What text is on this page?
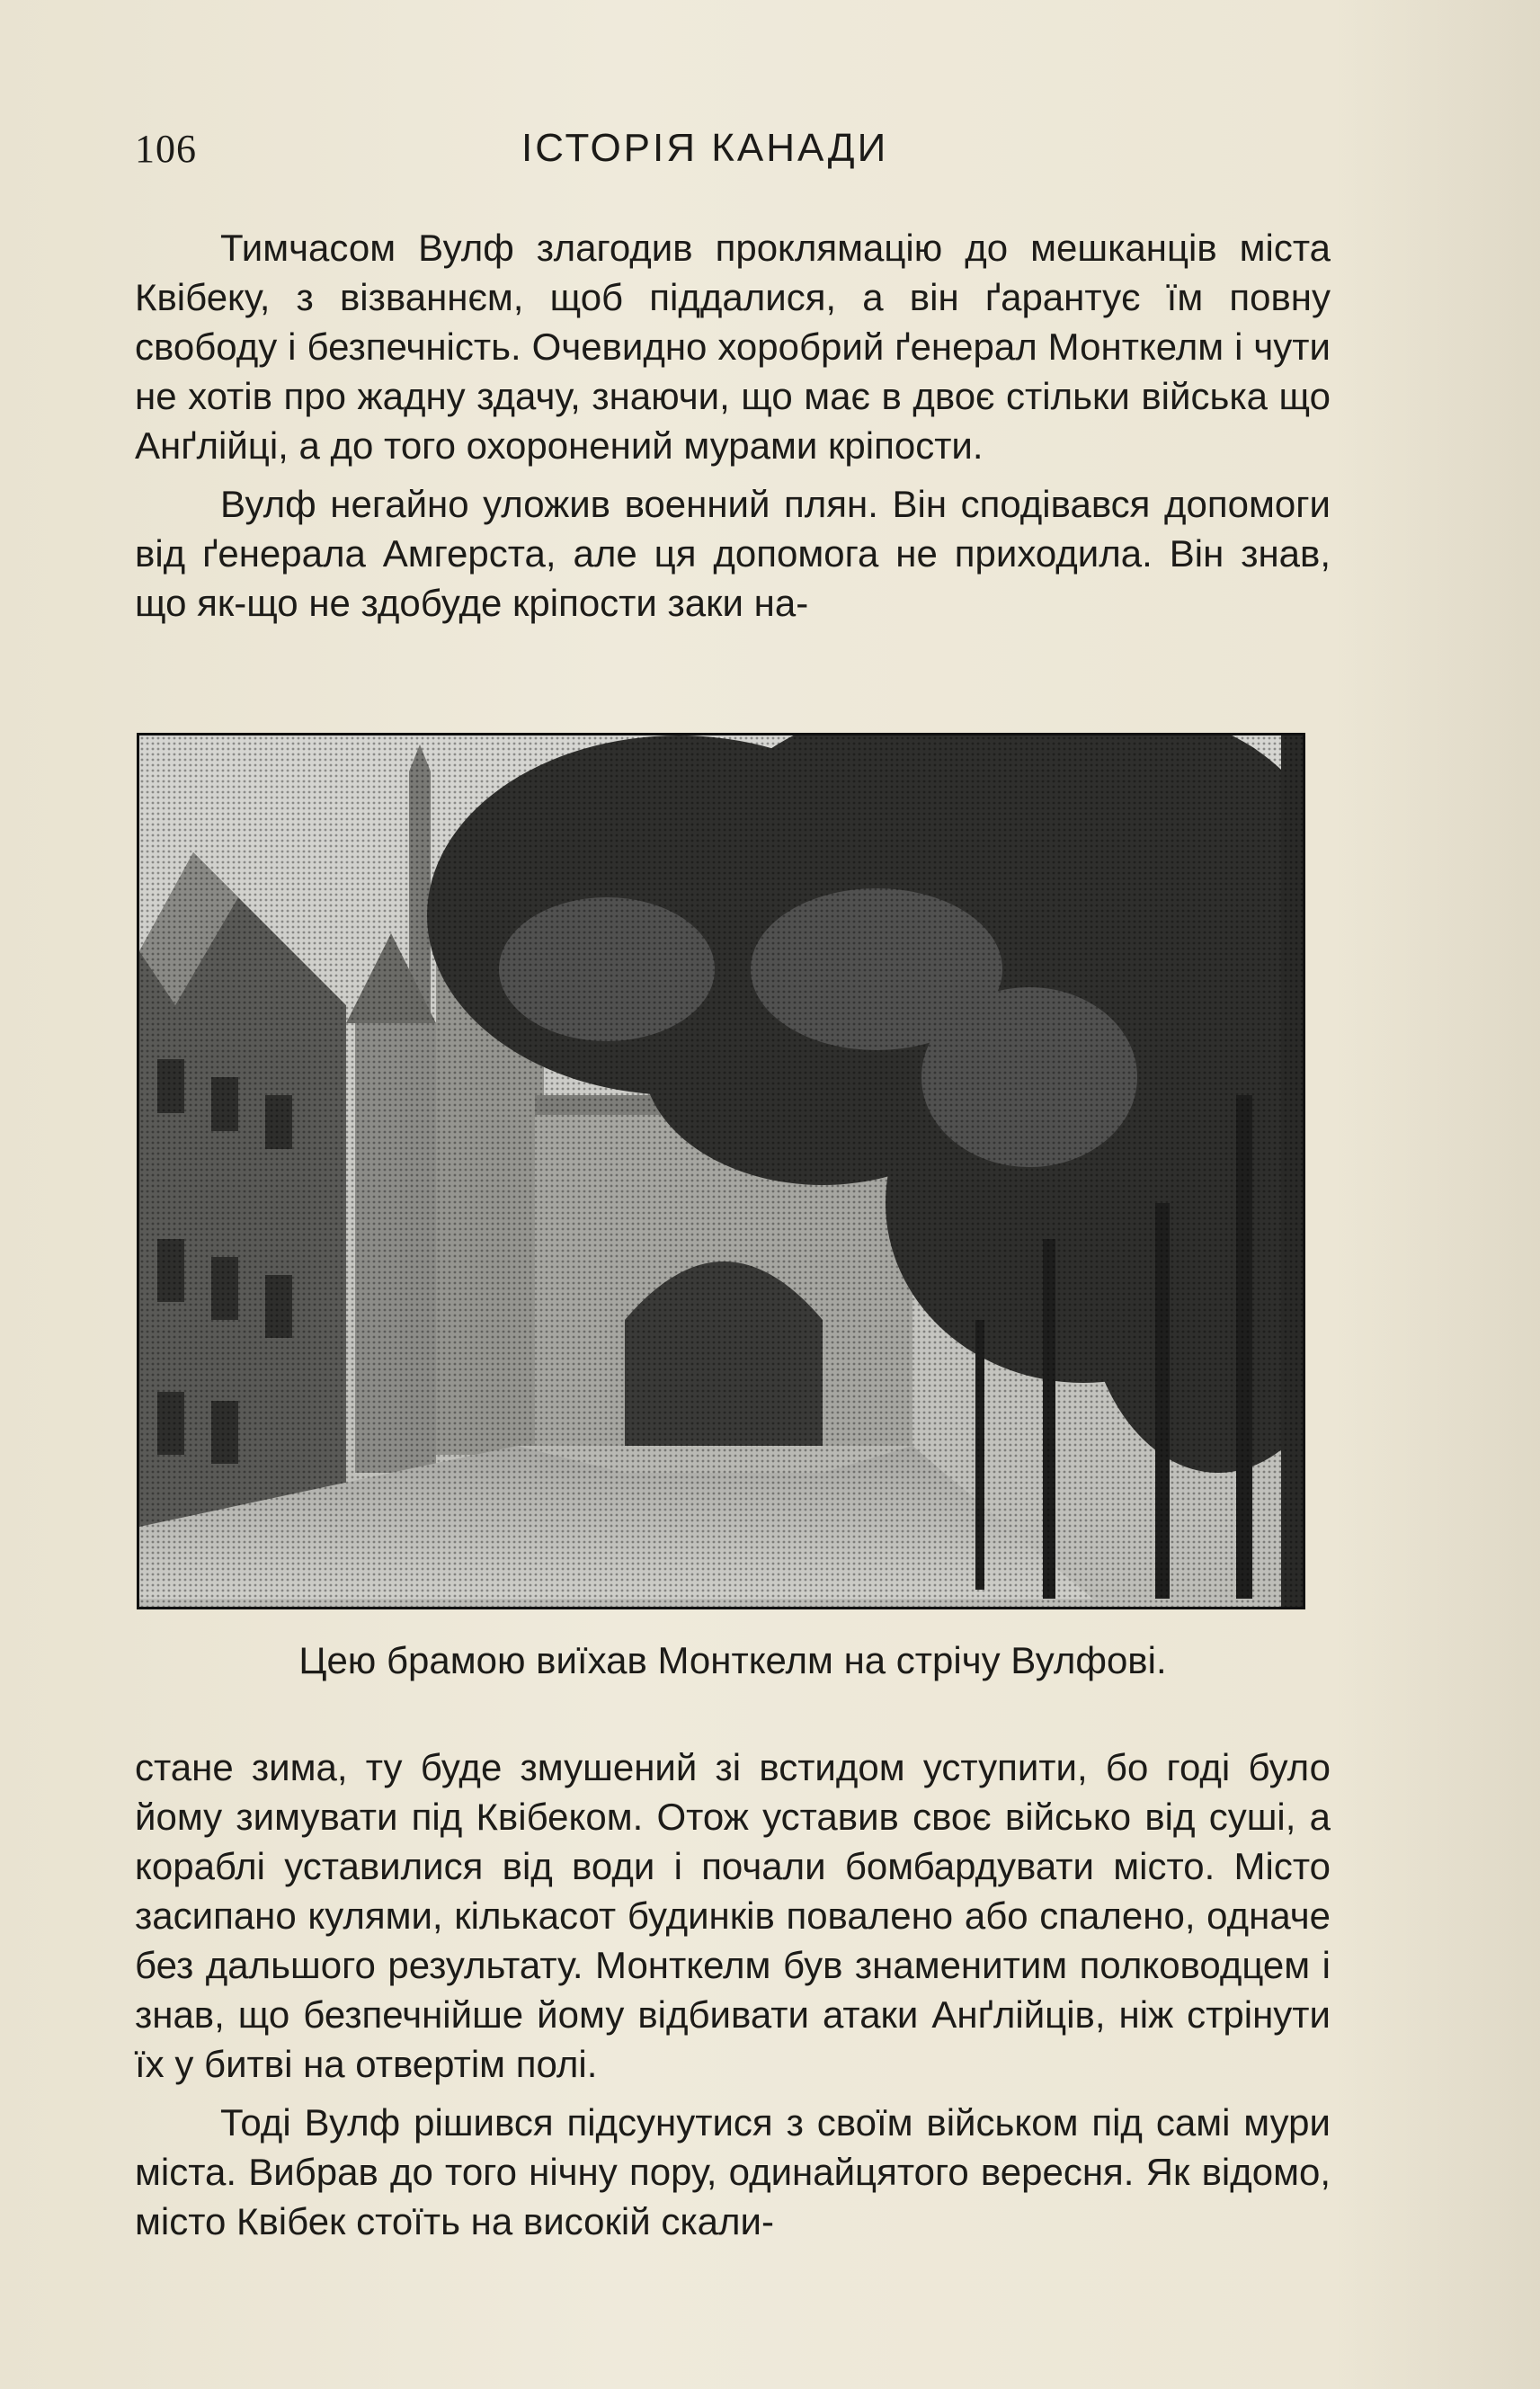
106	ІСТОРІЯ КАНАДИ

Тимчасом Вулф злагодив проклямацію до мешканців міста Квібеку, з візваннєм, щоб піддалися, а він ґарантує їм повну свободу і безпечність. Очевидно хоробрий ґенерал Монткелм і чути не хотів про жадну здачу, знаючи, що має в двоє стільки війська що Анґлійці, а до того охоронений мурами кріпости.

Вулф негайно уложив военний плян. Він сподівався допомоги від ґенерала Амгерста, але ця допомога не приходила. Він знав, що як-що не здобуде кріпости заки на-

Цею брамою виїхав Монткелм на стрічу Вулфові.

стане зима, ту буде змушений зі встидом уступити, бо годі було йому зимувати під Квібеком. Отож уставив своє військо від суші, а кораблі уставилися від води і почали бомбардувати місто. Місто засипано кулями, кількасот будинків повалено або спалено, одначе без дальшого результату. Монткелм був знаменитим полководцем і знав, що безпечнійше йому відбивати атаки Анґлійців, ніж стрінути їх у битві на отвертім полі.

Тоді Вулф рішився підсунутися з своїм військом під самі мури міста. Вибрав до того нічну пору, одинайцятого вересня. Як відомо, місто Квібек стоїть на високій скали-
